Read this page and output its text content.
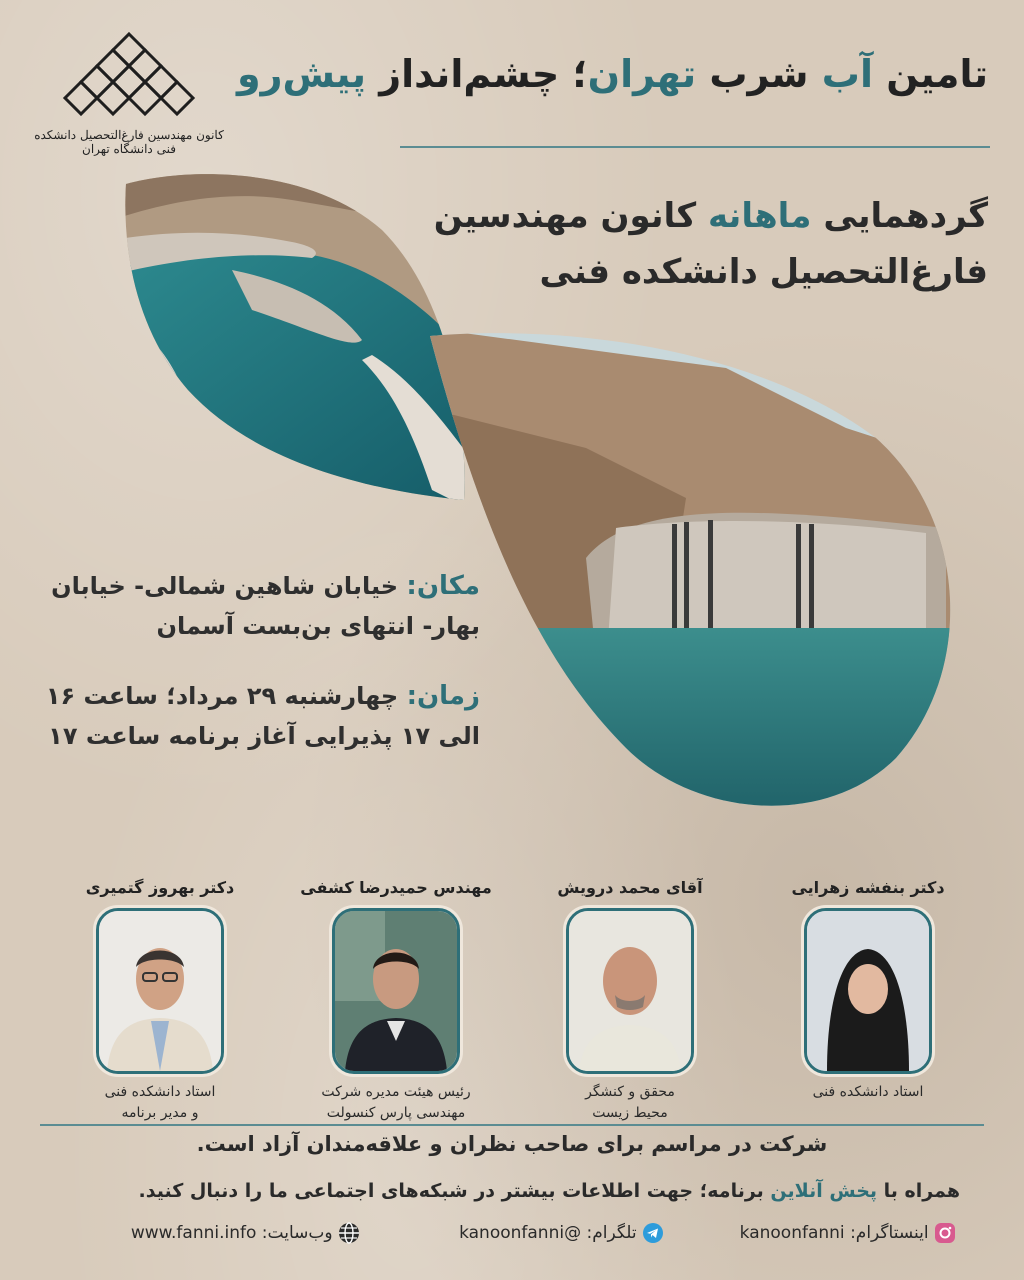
کانون مهندسین فارغ‌التحصیل دانشکده فنی دانشگاه تهران
تامین آب شرب تهران؛ چشم‌انداز پیش‌رو
گردهمایی ماهانه کانون مهندسین
فارغ‌التحصیل دانشکده فنی
مکان: خیابان شاهین شمالی- خیابان بهار- انتهای بن‌بست آسمان
زمان: چهارشنبه ۲۹ مرداد؛ ساعت ۱۶ الی ۱۷ پذیرایی آغاز برنامه ساعت ۱۷
دکتر بنفشه زهرایی
استاد دانشکده فنی
آقای محمد درویش
محقق و کنشگر
محیط زیست
مهندس حمیدرضا کشفی
رئیس هیئت مدیره شرکت
مهندسی پارس کنسولت
دکتر بهروز گتمیری
استاد دانشکده فنی
و مدیر برنامه
شرکت در مراسم برای صاحب نظران و علاقه‌مندان آزاد است.
همراه با پخش آنلاین برنامه؛ جهت اطلاعات بیشتر در شبکه‌های اجتماعی ما را دنبال کنید.
اینستاگرام: kanoonfanni
تلگرام: @kanoonfanni
وب‌سایت: www.fanni.info
